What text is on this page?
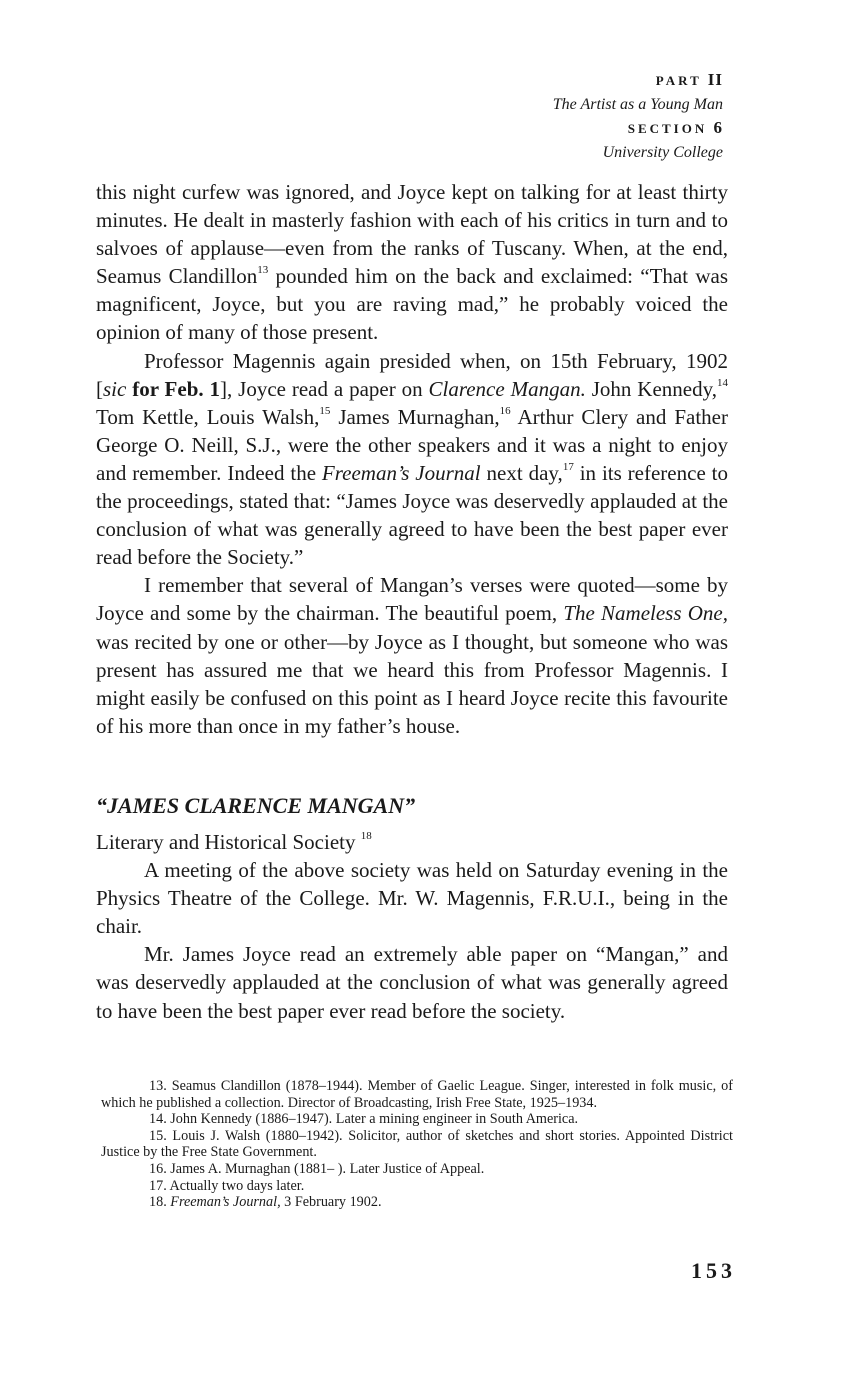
PART II
The Artist as a Young Man
SECTION 6
University College

this night curfew was ignored, and Joyce kept on talking for at least thirty minutes. He dealt in masterly fashion with each of his critics in turn and to salvoes of applause—even from the ranks of Tuscany. When, at the end, Seamus Clandillon$^{13}$ pounded him on the back and exclaimed: “That was magnificent, Joyce, but you are raving mad,” he probably voiced the opinion of many of those present.

Professor Magennis again presided when, on 15th February, 1902 [sic for Feb. 1], Joyce read a paper on Clarence Mangan. John Kennedy,$^{14}$ Tom Kettle, Louis Walsh,$^{15}$ James Murnaghan,$^{16}$ Arthur Clery and Father George O. Neill, S.J., were the other speakers and it was a night to enjoy and remember. Indeed the Freeman’s Journal next day,$^{17}$ in its reference to the proceedings, stated that: “James Joyce was deservedly applauded at the conclusion of what was generally agreed to have been the best paper ever read before the Society.”

I remember that several of Mangan’s verses were quoted—some by Joyce and some by the chairman. The beautiful poem, The Nameless One, was recited by one or other—by Joyce as I thought, but someone who was present has assured me that we heard this from Professor Magennis. I might easily be confused on this point as I heard Joyce recite this favourite of his more than once in my father’s house.

“JAMES CLARENCE MANGAN”

Literary and Historical Society $^{18}$

A meeting of the above society was held on Saturday evening in the Physics Theatre of the College. Mr. W. Magennis, F.R.U.I., being in the chair.

Mr. James Joyce read an extremely able paper on “Mangan,” and was deservedly applauded at the conclusion of what was generally agreed to have been the best paper ever read before the society.

13. Seamus Clandillon (1878–1944). Member of Gaelic League. Singer, interested in folk music, of which he published a collection. Director of Broadcasting, Irish Free State, 1925–1934.

14. John Kennedy (1886–1947). Later a mining engineer in South America.

15. Louis J. Walsh (1880–1942). Solicitor, author of sketches and short stories. Appointed District Justice by the Free State Government.

16. James A. Murnaghan (1881– ). Later Justice of Appeal.

17. Actually two days later.

18. Freeman’s Journal, 3 February 1902.

153
